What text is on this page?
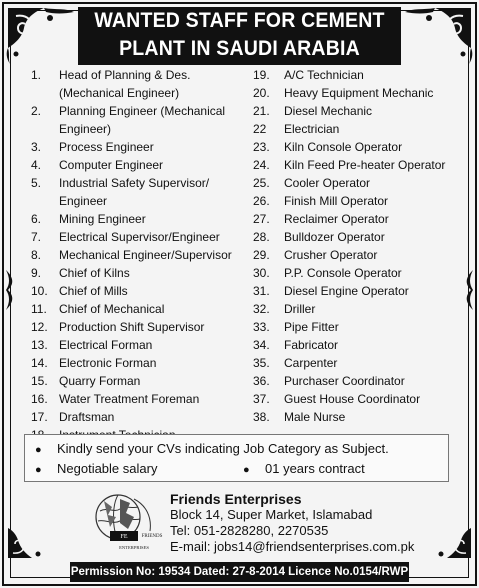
WANTED STAFF FOR CEMENT
PLANT IN SAUDI ARABIA
1. Head of Planning & Des.
(Mechanical Engineer)
2. Planning Engineer (Mechanical
Engineer)
3. Process Engineer
4. Computer Engineer
5. Industrial Safety Supervisor/
Engineer
6. Mining Engineer
7. Electrical Supervisor/Engineer
8. Mechanical Engineer/Supervisor
9. Chief of Kilns
10. Chief of Mills
11. Chief of Mechanical
12. Production Shift Supervisor
13. Electrical Forman
14. Electronic Forman
15. Quarry Forman
16. Water Treatment Foreman
17. Draftsman
19. A/C Technician
20. Heavy Equipment Mechanic
21. Diesel Mechanic
22 Electrician
23. Kiln Console Operator
24. Kiln Feed Pre-heater Operator
25. Cooler Operator
26. Finish Mill Operator
27. Reclaimer Operator
28. Bulldozer Operator
29. Crusher Operator
30. P.P. Console Operator
31. Diesel Engine Operator
32. Driller
33. Pipe Fitter
34. Fabricator
35. Carpenter
36. Purchaser Coordinator
37. Guest House Coordinator
38. Male Nurse
● Kindly send your CVs indicating Job Category as Subject.
● Negotiable salary	● 01 years contract
FE	FRIENDS
ENTERPRISES
Friends Enterprises
Block 14, Super Market, Islamabad
Tel: 051-2828280, 2270535
E-mail: jobs14@friendsenterprises.com.pk
Permission No: 19534 Dated: 27-8-2014 Licence No.0154/RWP
